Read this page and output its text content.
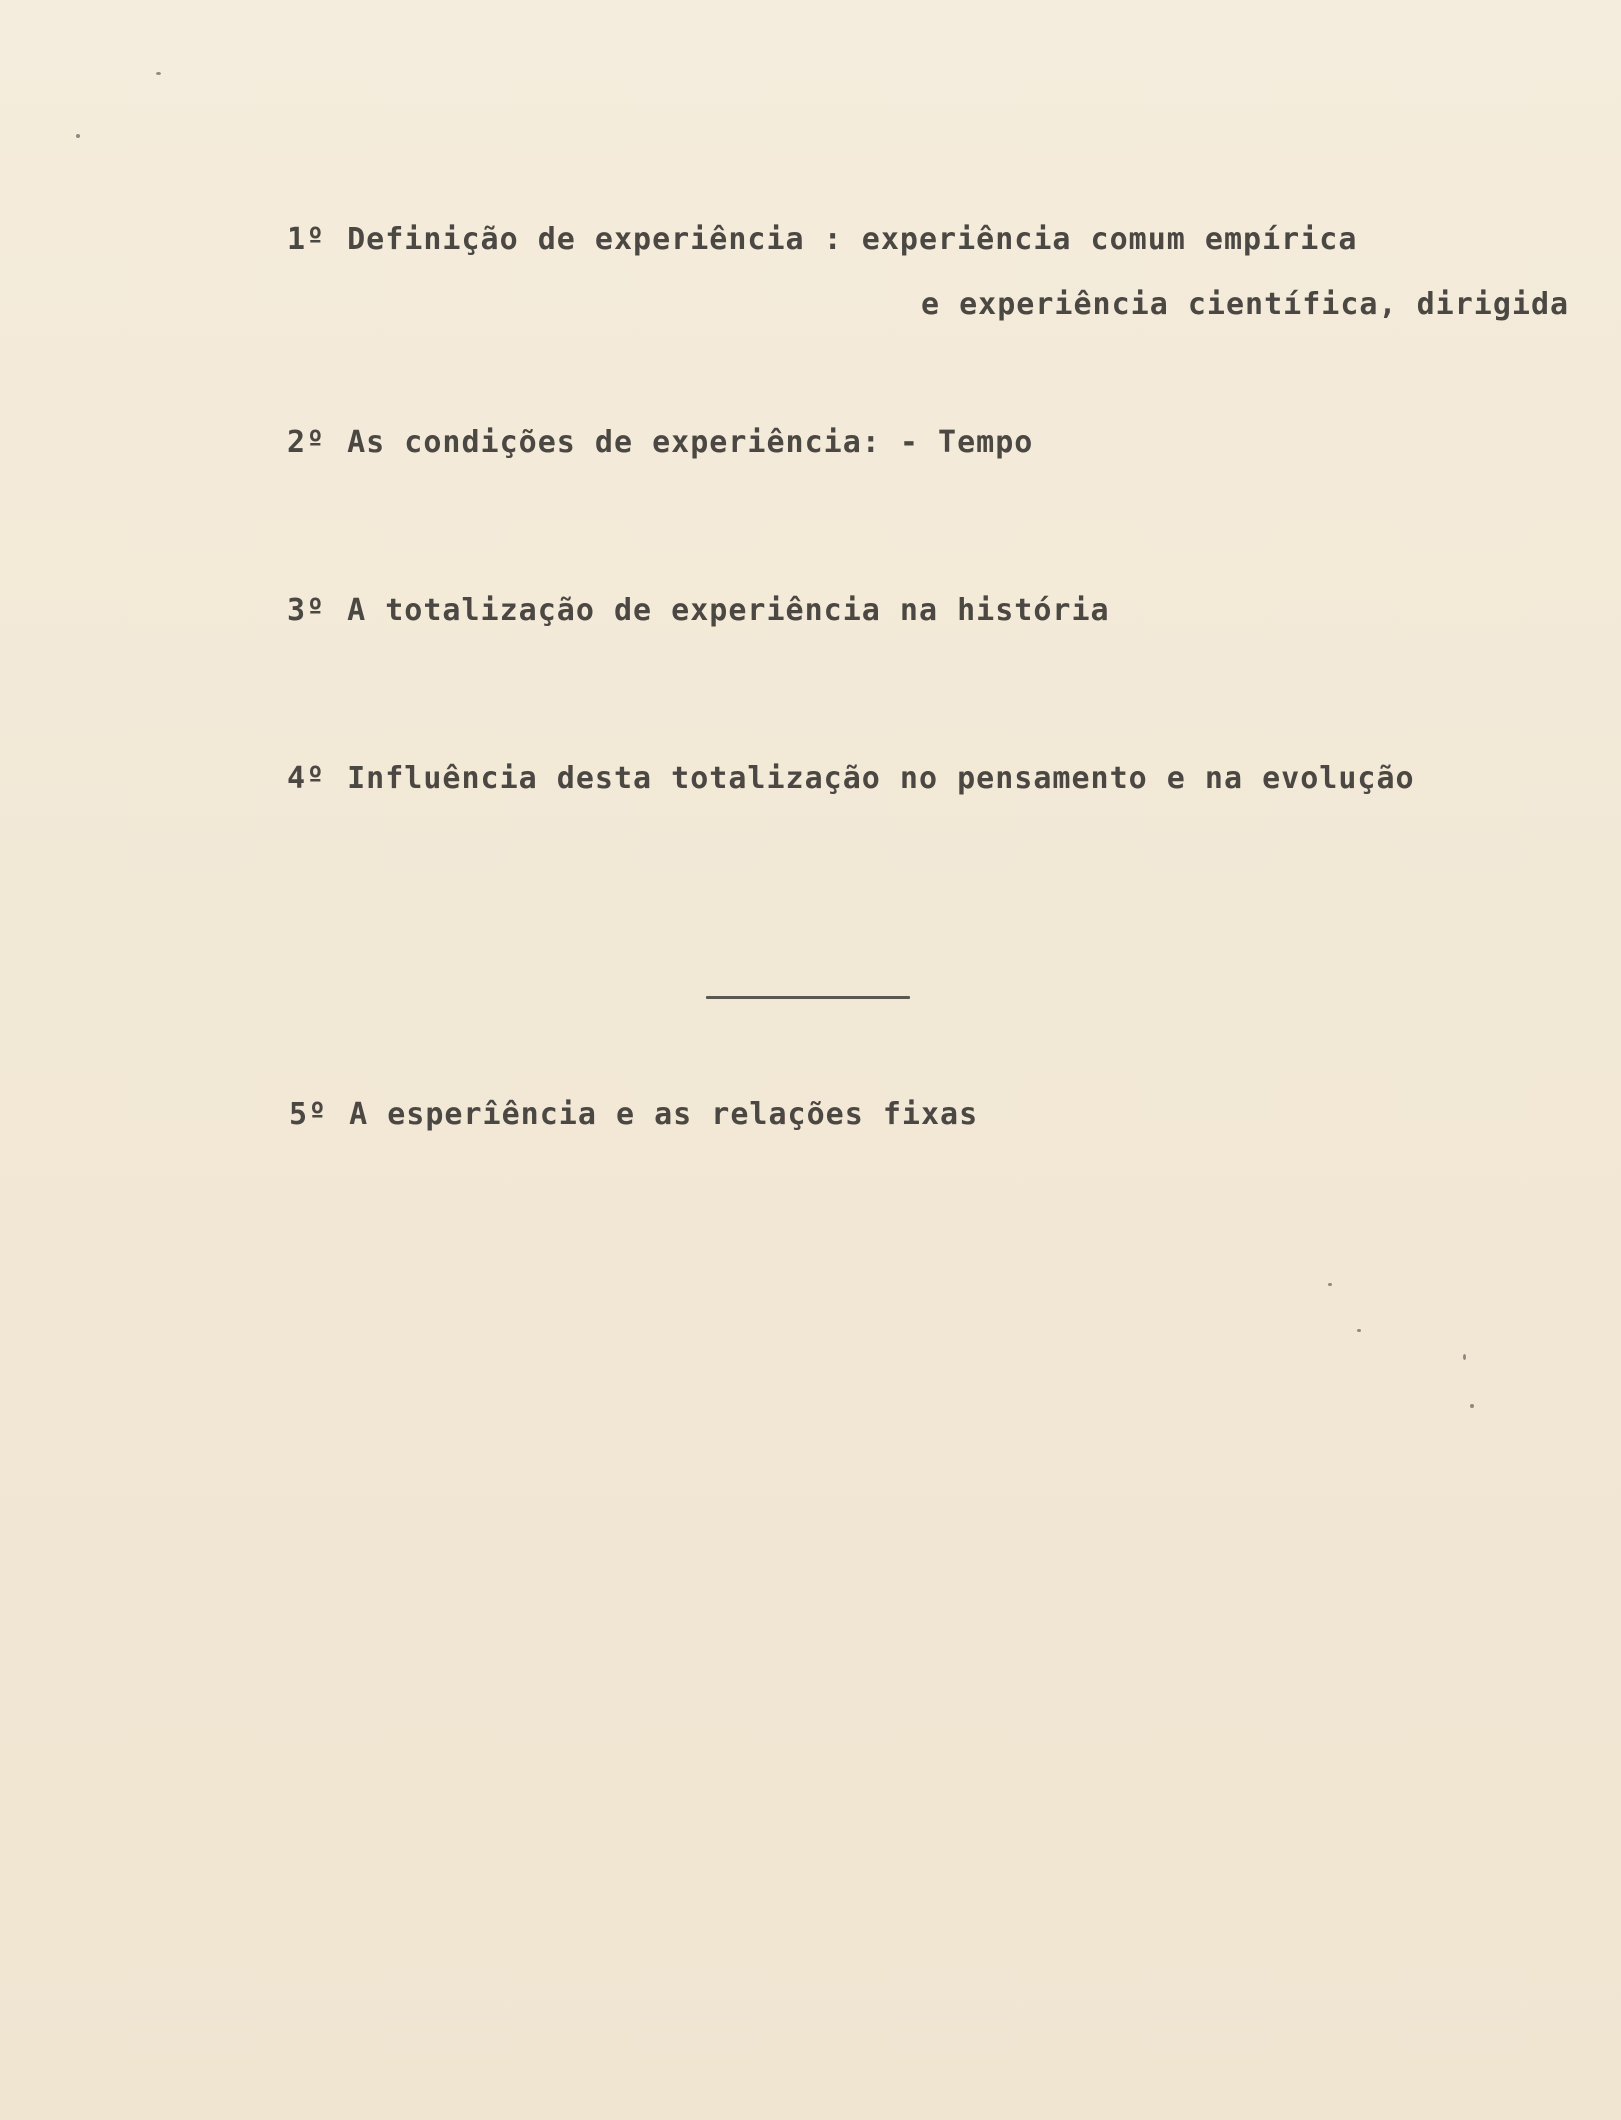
1º Definição de experiência : experiência comum empírica
e experiência científica, dirigida
2º As condições de experiência: - Tempo
3º A totalização de experiência na história
4º Influência desta totalização no pensamento e na evolução
5º A esperîência e as relações fixas
